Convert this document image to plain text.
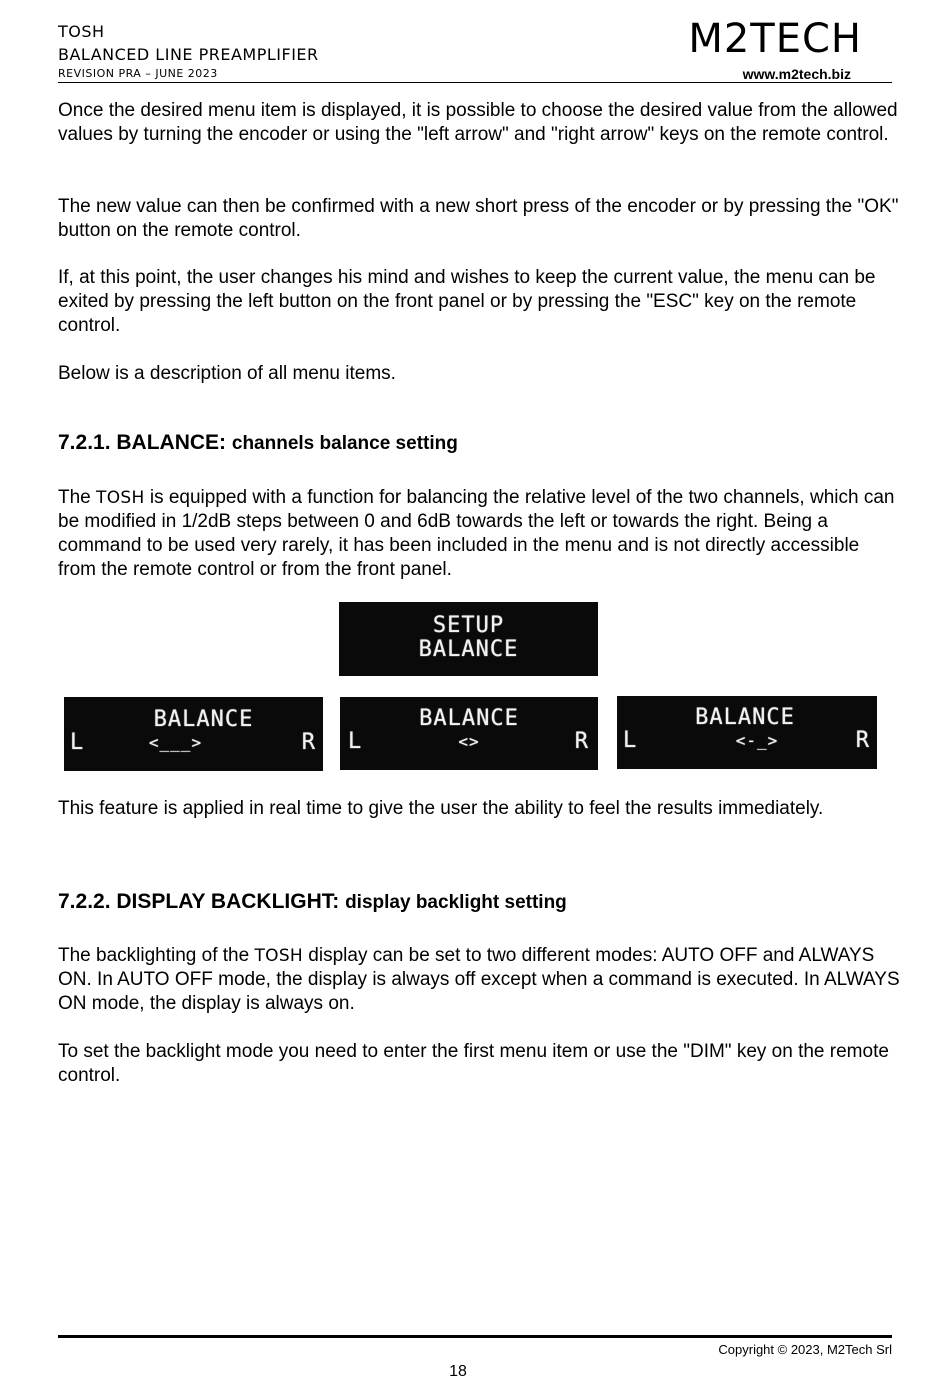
TOSH
BALANCED LINE PREAMPLIFIER
REVISION PRA – JUNE 2023
M2TECH
www.m2tech.biz

Once the desired menu item is displayed, it is possible to choose the desired value from the allowed values by turning the encoder or using the "left arrow" and "right arrow" keys on the remote control.

The new value can then be confirmed with a new short press of the encoder or by pressing the "OK" button on the remote control.

If, at this point, the user changes his mind and wishes to keep the current value, the menu can be exited by pressing the left button on the front panel or by pressing the "ESC" key on the remote control.

Below is a description of all menu items.

7.2.1. BALANCE: channels balance setting

The TOSH is equipped with a function for balancing the relative level of the two channels, which can be modified in 1/2dB steps between 0 and 6dB towards the left or towards the right. Being a command to be used very rarely, it has been included in the menu and is not directly accessible from the remote control or from the front panel.

SETUP
BALANCE
BALANCE
L	<___>	R
BALANCE
L	<>	R
BALANCE
L	<-_>	R

This feature is applied in real time to give the user the ability to feel the results immediately.

7.2.2. DISPLAY BACKLIGHT: display backlight setting

The backlighting of the TOSH display can be set to two different modes: AUTO OFF and ALWAYS ON. In AUTO OFF mode, the display is always off except when a command is executed. In ALWAYS ON mode, the display is always on.

To set the backlight mode you need to enter the first menu item or use the "DIM" key on the remote control.

Copyright © 2023, M2Tech Srl
18
